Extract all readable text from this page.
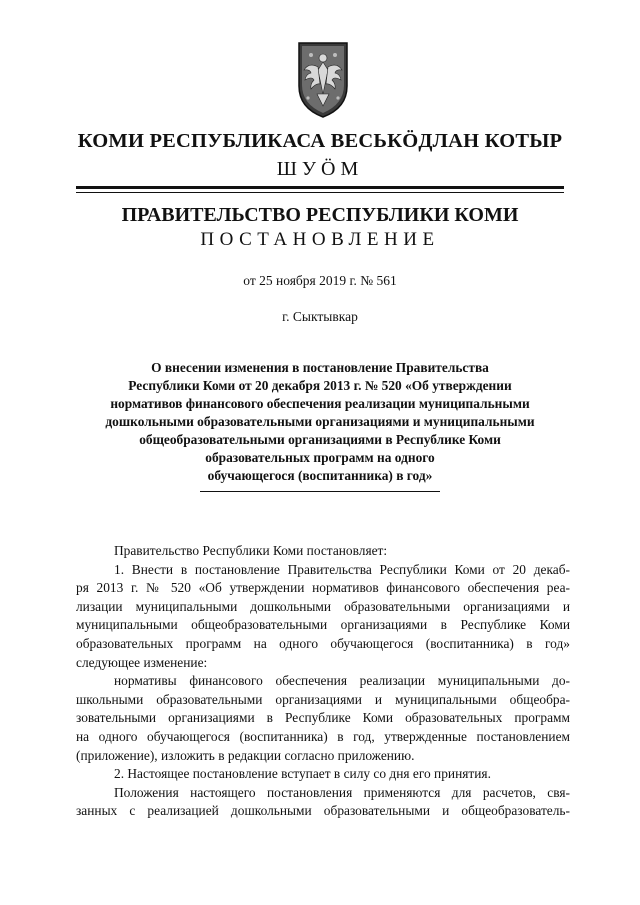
КОМИ РЕСПУБЛИКАСА ВЕСЬКӦДЛАН КОТЫР
ШУӦМ
ПРАВИТЕЛЬСТВО РЕСПУБЛИКИ КОМИ
ПОСТАНОВЛЕНИЕ
от 25 ноября 2019 г. № 561
г. Сыктывкар
О внесении изменения в постановление Правительства
Республики Коми от 20 декабря 2013 г. № 520 «Об утверждении
нормативов финансового обеспечения реализации муниципальными
дошкольными образовательными организациями и муниципальными
общеобразовательными организациями в Республике Коми
образовательных программ на одного
обучающегося (воспитанника) в год»
Правительство Республики Коми постановляет:
1. Внести в постановление Правительства Республики Коми от 20 декаб-
ря 2013 г. № 520 «Об утверждении нормативов финансового обеспечения реа-
лизации муниципальными дошкольными образовательными организациями и
муниципальными общеобразовательными организациями в Республике Коми
образовательных программ на одного обучающегося (воспитанника) в год»
следующее изменение:
нормативы финансового обеспечения реализации муниципальными до-
школьными образовательными организациями и муниципальными общеобра-
зовательными организациями в Республике Коми образовательных программ
на одного обучающегося (воспитанника) в год, утвержденные постановлением
(приложение), изложить в редакции согласно приложению.
2. Настоящее постановление вступает в силу со дня его принятия.
Положения настоящего постановления применяются для расчетов, свя-
занных с реализацией дошкольными образовательными и общеобразователь-
